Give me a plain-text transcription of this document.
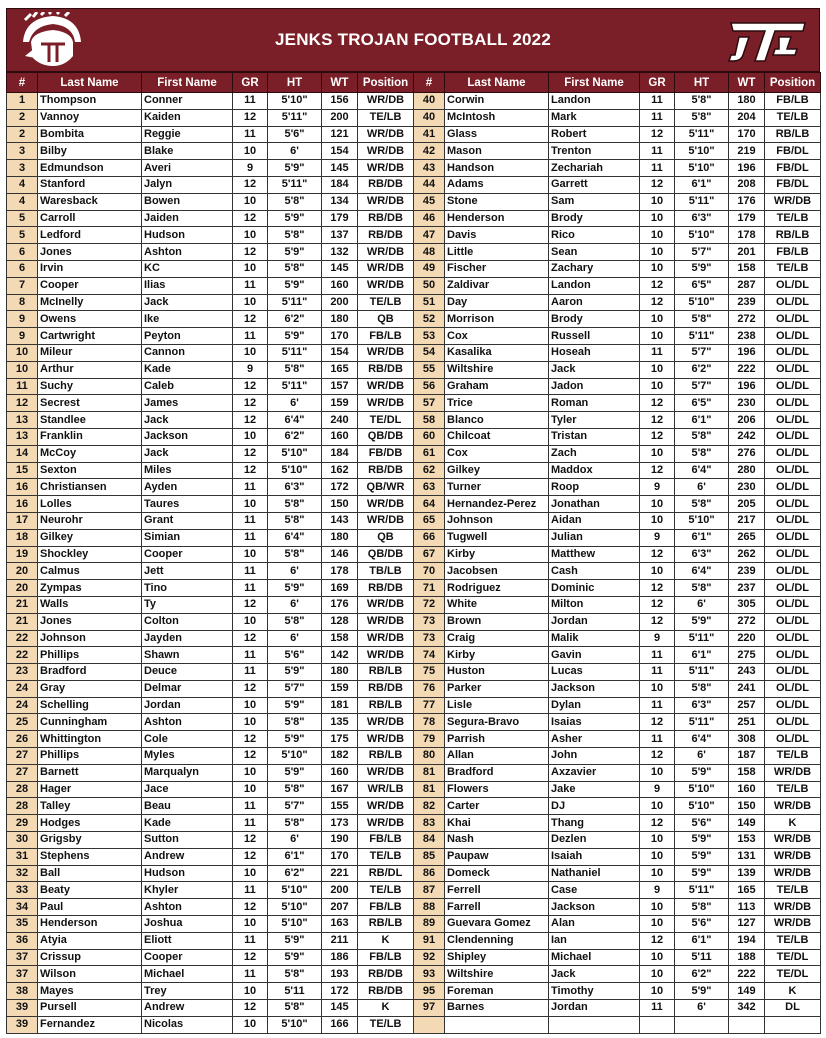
JENKS TROJAN FOOTBALL 2022
#	Last Name	First Name	GR	HT	WT	Position	#	Last Name	First Name	GR	HT	WT	Position
1	Thompson	Conner	11	5'10"	156	WR/DB	40	Corwin	Landon	11	5'8"	180	FB/LB
2	Vannoy	Kaiden	12	5'11"	200	TE/LB	40	McIntosh	Mark	11	5'8"	204	TE/LB
2	Bombita	Reggie	11	5'6"	121	WR/DB	41	Glass	Robert	12	5'11"	170	RB/LB
3	Bilby	Blake	10	6'	154	WR/DB	42	Mason	Trenton	11	5'10"	219	FB/DL
3	Edmundson	Averi	9	5'9"	145	WR/DB	43	Handson	Zechariah	11	5'10"	196	FB/DL
4	Stanford	Jalyn	12	5'11"	184	RB/DB	44	Adams	Garrett	12	6'1"	208	FB/DL
4	Waresback	Bowen	10	5'8"	134	WR/DB	45	Stone	Sam	10	5'11"	176	WR/DB
5	Carroll	Jaiden	12	5'9"	179	RB/DB	46	Henderson	Brody	10	6'3"	179	TE/LB
5	Ledford	Hudson	10	5'8"	137	RB/DB	47	Davis	Rico	10	5'10"	178	RB/LB
6	Jones	Ashton	12	5'9"	132	WR/DB	48	Little	Sean	10	5'7"	201	FB/LB
6	Irvin	KC	10	5'8"	145	WR/DB	49	Fischer	Zachary	10	5'9"	158	TE/LB
7	Cooper	Ilias	11	5'9"	160	WR/DB	50	Zaldivar	Landon	12	6'5"	287	OL/DL
8	McInelly	Jack	10	5'11"	200	TE/LB	51	Day	Aaron	12	5'10"	239	OL/DL
9	Owens	Ike	12	6'2"	180	QB	52	Morrison	Brody	10	5'8"	272	OL/DL
9	Cartwright	Peyton	11	5'9"	170	FB/LB	53	Cox	Russell	10	5'11"	238	OL/DL
10	Mileur	Cannon	10	5'11"	154	WR/DB	54	Kasalika	Hoseah	11	5'7"	196	OL/DL
10	Arthur	Kade	9	5'8"	165	RB/DB	55	Wiltshire	Jack	10	6'2"	222	OL/DL
11	Suchy	Caleb	12	5'11"	157	WR/DB	56	Graham	Jadon	10	5'7"	196	OL/DL
12	Secrest	James	12	6'	159	WR/DB	57	Trice	Roman	12	6'5"	230	OL/DL
13	Standlee	Jack	12	6'4"	240	TE/DL	58	Blanco	Tyler	12	6'1"	206	OL/DL
13	Franklin	Jackson	10	6'2"	160	QB/DB	60	Chilcoat	Tristan	12	5'8"	242	OL/DL
14	McCoy	Jack	12	5'10"	184	FB/DB	61	Cox	Zach	10	5'8"	276	OL/DL
15	Sexton	Miles	12	5'10"	162	RB/DB	62	Gilkey	Maddox	12	6'4"	280	OL/DL
16	Christiansen	Ayden	11	6'3"	172	QB/WR	63	Turner	Roop	9	6'	230	OL/DL
16	Lolles	Taures	10	5'8"	150	WR/DB	64	Hernandez-Perez	Jonathan	10	5'8"	205	OL/DL
17	Neurohr	Grant	11	5'8"	143	WR/DB	65	Johnson	Aidan	10	5'10"	217	OL/DL
18	Gilkey	Simian	11	6'4"	180	QB	66	Tugwell	Julian	9	6'1"	265	OL/DL
19	Shockley	Cooper	10	5'8"	146	QB/DB	67	Kirby	Matthew	12	6'3"	262	OL/DL
20	Calmus	Jett	11	6'	178	TB/LB	70	Jacobsen	Cash	10	6'4"	239	OL/DL
20	Zympas	Tino	11	5'9"	169	RB/DB	71	Rodriguez	Dominic	12	5'8"	237	OL/DL
21	Walls	Ty	12	6'	176	WR/DB	72	White	Milton	12	6'	305	OL/DL
21	Jones	Colton	10	5'8"	128	WR/DB	73	Brown	Jordan	12	5'9"	272	OL/DL
22	Johnson	Jayden	12	6'	158	WR/DB	73	Craig	Malik	9	5'11"	220	OL/DL
22	Phillips	Shawn	11	5'6"	142	WR/DB	74	Kirby	Gavin	11	6'1"	275	OL/DL
23	Bradford	Deuce	11	5'9"	180	RB/LB	75	Huston	Lucas	11	5'11"	243	OL/DL
24	Gray	Delmar	12	5'7"	159	RB/DB	76	Parker	Jackson	10	5'8"	241	OL/DL
24	Schelling	Jordan	10	5'9"	181	RB/LB	77	Lisle	Dylan	11	6'3"	257	OL/DL
25	Cunningham	Ashton	10	5'8"	135	WR/DB	78	Segura-Bravo	Isaias	12	5'11"	251	OL/DL
26	Whittington	Cole	12	5'9"	175	WR/DB	79	Parrish	Asher	11	6'4"	308	OL/DL
27	Phillips	Myles	12	5'10"	182	RB/LB	80	Allan	John	12	6'	187	TE/LB
27	Barnett	Marqualyn	10	5'9"	160	WR/DB	81	Bradford	Axzavier	10	5'9"	158	WR/DB
28	Hager	Jace	10	5'8"	167	WR/LB	81	Flowers	Jake	9	5'10"	160	TE/LB
28	Talley	Beau	11	5'7"	155	WR/DB	82	Carter	DJ	10	5'10"	150	WR/DB
29	Hodges	Kade	11	5'8"	173	WR/DB	83	Khai	Thang	12	5'6"	149	K
30	Grigsby	Sutton	12	6'	190	FB/LB	84	Nash	Dezlen	10	5'9"	153	WR/DB
31	Stephens	Andrew	12	6'1"	170	TE/LB	85	Paupaw	Isaiah	10	5'9"	131	WR/DB
32	Ball	Hudson	10	6'2"	221	RB/DL	86	Domeck	Nathaniel	10	5'9"	139	WR/DB
33	Beaty	Khyler	11	5'10"	200	TE/LB	87	Ferrell	Case	9	5'11"	165	TE/LB
34	Paul	Ashton	12	5'10"	207	FB/LB	88	Farrell	Jackson	10	5'8"	113	WR/DB
35	Henderson	Joshua	10	5'10"	163	RB/LB	89	Guevara Gomez	Alan	10	5'6"	127	WR/DB
36	Atyia	Eliott	11	5'9"	211	K	91	Clendenning	Ian	12	6'1"	194	TE/LB
37	Crissup	Cooper	12	5'9"	186	FB/LB	92	Shipley	Michael	10	5'11	188	TE/DL
37	Wilson	Michael	11	5'8"	193	RB/DB	93	Wiltshire	Jack	10	6'2"	222	TE/DL
38	Mayes	Trey	10	5'11	172	RB/DB	95	Foreman	Timothy	10	5'9"	149	K
39	Pursell	Andrew	12	5'8"	145	K	97	Barnes	Jordan	11	6'	342	DL
39	Fernandez	Nicolas	10	5'10"	166	TE/LB							
